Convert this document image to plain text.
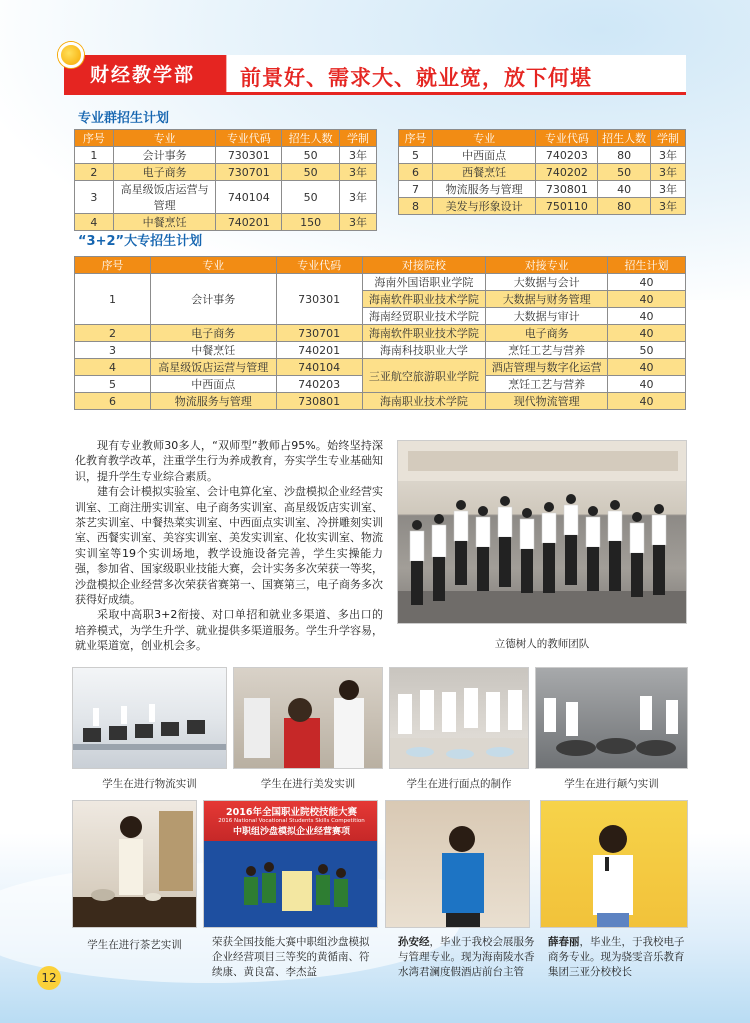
财经教学部 前景好、需求大、就业宽，放下何堪
专业群招生计划
序号	专业	专业代码	招生人数	学制
1	会计事务	730301	50	3年
2	电子商务	730701	50	3年
3	高星级饭店运营与管理	740104	50	3年
4	中餐烹饪	740201	150	3年
序号	专业	专业代码	招生人数	学制
5	中西面点	740203	80	3年
6	西餐烹饪	740202	50	3年
7	物流服务与管理	730801	40	3年
8	美发与形象设计	750110	80	3年
“3+2”大专招生计划
序号	专业	专业代码	对接院校	对接专业	招生计划
1	会计事务	730301	海南外国语职业学院	大数据与会计	40
			海南软件职业技术学院	大数据与财务管理	40
			海南经贸职业技术学院	大数据与审计	40
2	电子商务	730701	海南软件职业技术学院	电子商务	40
3	中餐烹饪	740201	海南科技职业大学	烹饪工艺与营养	50
4	高星级饭店运营与管理	740104	三亚航空旅游职业学院	酒店管理与数字化运营	40
5	中西面点	740203		烹饪工艺与营养	40
6	物流服务与管理	730801	海南职业技术学院	现代物流管理	40

现有专业教师30多人，“双师型”教师占95%。始终坚持深化教育教学改革，注重学生行为养成教育，夯实学生专业基础知识，提升学生专业综合素质。

建有会计模拟实验室、会计电算化室、沙盘模拟企业经营实训室、工商注册实训室、电子商务实训室、高星级饭店实训室、茶艺实训室、中餐热菜实训室、中西面点实训室、冷拼雕刻实训室、西餐实训室、美容实训室、美发实训室、化妆实训室、物流实训室等19个实训场地，教学设施设备完善，学生实操能力强，参加省、国家级职业技能大赛，会计实务多次荣获一等奖，沙盘模拟企业经营多次荣获省赛第一、国赛第三，电子商务多次获得好成绩。

采取中高职3+2衔接、对口单招和就业多渠道、多出口的培养模式，为学生升学、就业提供多渠道服务。学生升学容易，就业渠道宽，创业机会多。	立德树人的教师团队
学生在进行物流实训	学生在进行美发实训	学生在进行面点的制作	学生在进行颠勺实训
2016年全国职业院校技能大赛
2016 National Vocational Students Skills Competition
中职组沙盘模拟企业经营赛项
学生在进行茶艺实训	荣获全国技能大赛中职组沙盘模拟企业经营项目三等奖的黄循南、符续康、黄良富、李杰益
孙安经，毕业于我校会展服务与管理专业。现为海南陵水香水湾君澜度假酒店前台主管
薛春丽，毕业生，于我校电子商务专业。现为骁雯音乐教育集团三亚分校校长
12
